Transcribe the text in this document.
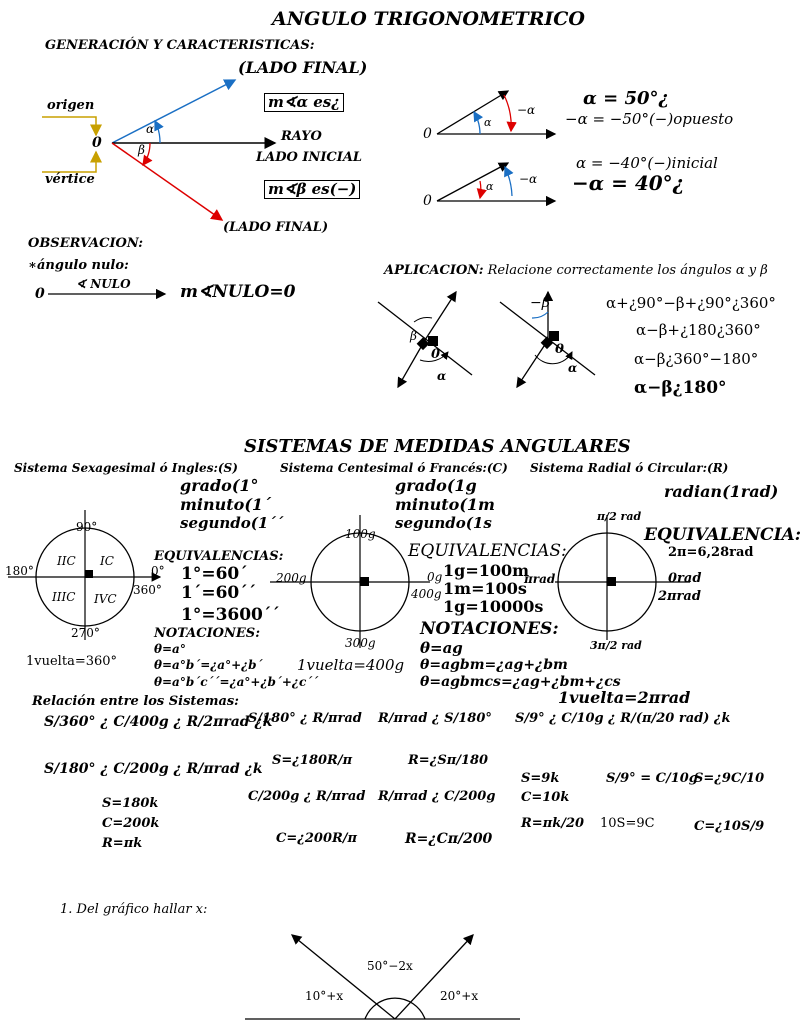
ANGULO TRIGONOMETRICO
GENERACIÓN Y CARACTERISTICAS:
(LADO FINAL)
origen
0
vértice
α
β
m∢α es¿
RAYO
LADO INICIAL
m∢β es(−)
(LADO FINAL)
0
α
−α
0
α
−α
α = 50°¿
−α = −50°(−)opuesto
α = −40°(−)inicial
−α = 40°¿
OBSERVACION:
∗ángulo nulo:
0
∢ NULO	m∢NULO=0
APLICACION: Relacione correctamente los ángulos α y β
β
0
α
−β
0
α
α+¿90°−β+¿90°¿360°
α−β+¿180¿360°
α−β¿360°−180°
α−β¿180°
SISTEMAS DE MEDIDAS ANGULARES
Sistema Sexagesimal ó Ingles:(S)	Sistema Centesimal ó Francés:(C) Sistema Radial ó Circular:(R)
grado(1°
minuto(1´
segundo(1´´
grado(1g
minuto(1m
segundo(1s
radian(1rad)
90°
180°	0°
360°
270°
IIC IC
IIIC IVC
EQUIVALENCIAS:
1°=60´
1´=60´´
1°=3600´´
NOTACIONES:
θ=a°
θ=a°b´=¿a°+¿b´
θ=a°b´c´´=¿a°+¿b´+¿c´´
1vuelta=360°
100g
200g	0g
400g
300g
EQUIVALENCIAS:
1g=100m
1m=100s
1g=10000s
NOTACIONES:
θ=ag
θ=agbm=¿ag+¿bm
θ=agbmcs=¿ag+¿bm+¿cs
1vuelta=400g
π/2 rad
πrad	0rad
2πrad
3π/2 rad
EQUIVALENCIA:
2π=6,28rad
1vuelta=2πrad
Relación entre los Sistemas:
S/360° ¿ C/400g ¿ R/2πrad ¿k
S/180° ¿ C/200g ¿ R/πrad ¿k
S=180k
C=200k
R=πk
S/180° ¿ R/πrad
S=¿180R/π
C/200g ¿ R/πrad
C=¿200R/π
R/πrad ¿ S/180°
R=¿Sπ/180
R/πrad ¿ C/200g
R=¿Cπ/200
S/9° ¿ C/10g ¿ R/(π/20 rad) ¿k
S=9k
C=10k
R=πk/20
S/9° = C/10g
10S=9C
S=¿9C/10
C=¿10S/9
1. Del gráfico hallar x:
10°+x
50°−2x
20°+x
